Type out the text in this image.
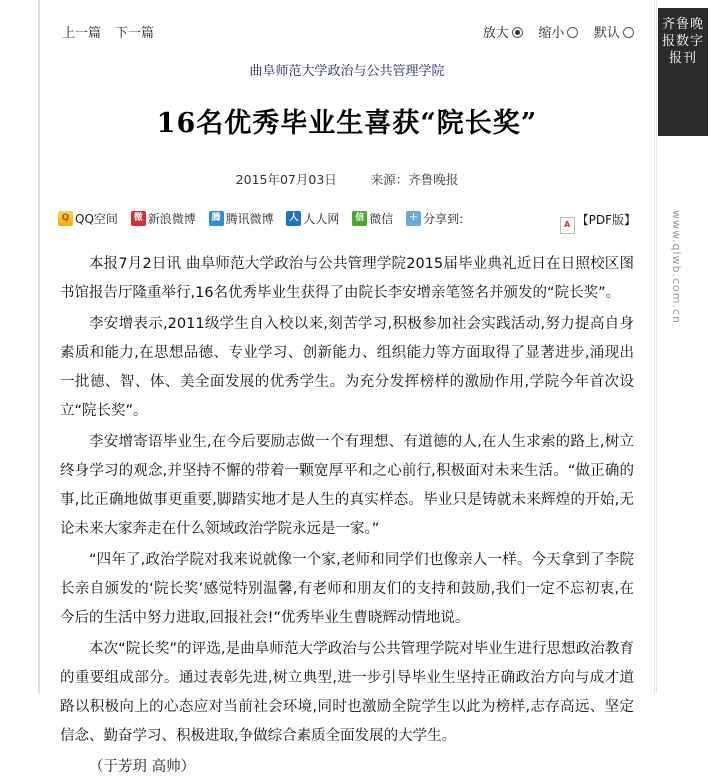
上一篇 下一篇	放大 缩小 默认
曲阜师范大学政治与公共管理学院
16名优秀毕业生喜获“院长奖”
2015年07月03日	来源：齐鲁晚报
Q QQ空间 微 新浪微博 腾 腾讯微博 人 人人网 信 微信 ＋ 分享到:	A 【PDF版】

本报7月2日讯 曲阜师范大学政治与公共管理学院2015届毕业典礼近日在日照校区图书馆报告厅隆重举行,16名优秀毕业生获得了由院长李安增亲笔签名并颁发的“院长奖”。

李安增表示,2011级学生自入校以来,刻苦学习,积极参加社会实践活动,努力提高自身素质和能力,在思想品德、专业学习、创新能力、组织能力等方面取得了显著进步,涌现出一批德、智、体、美全面发展的优秀学生。为充分发挥榜样的激励作用,学院今年首次设立“院长奖”。

李安增寄语毕业生,在今后要励志做一个有理想、有道德的人,在人生求索的路上,树立终身学习的观念,并坚持不懈的带着一颗宽厚平和之心前行,积极面对未来生活。“做正确的事,比正确地做事更重要,脚踏实地才是人生的真实样态。毕业只是铸就未来辉煌的开始,无论未来大家奔走在什么领域政治学院永远是一家。”

“四年了,政治学院对我来说就像一个家,老师和同学们也像亲人一样。今天拿到了李院长亲自颁发的‘院长奖’感觉特别温馨,有老师和朋友们的支持和鼓励,我们一定不忘初衷,在今后的生活中努力进取,回报社会!”优秀毕业生曹晓辉动情地说。

本次“院长奖”的评选,是曲阜师范大学政治与公共管理学院对毕业生进行思想政治教育的重要组成部分。通过表彰先进,树立典型,进一步引导毕业生坚持正确政治方向与成才道路以积极向上的心态应对当前社会环境,同时也激励全院学生以此为榜样,志存高远、坚定信念、勤奋学习、积极进取,争做综合素质全面发展的大学生。

（于芳玥 高帅）

齐鲁晚报数字报刊
www.qlwb.com.cn
